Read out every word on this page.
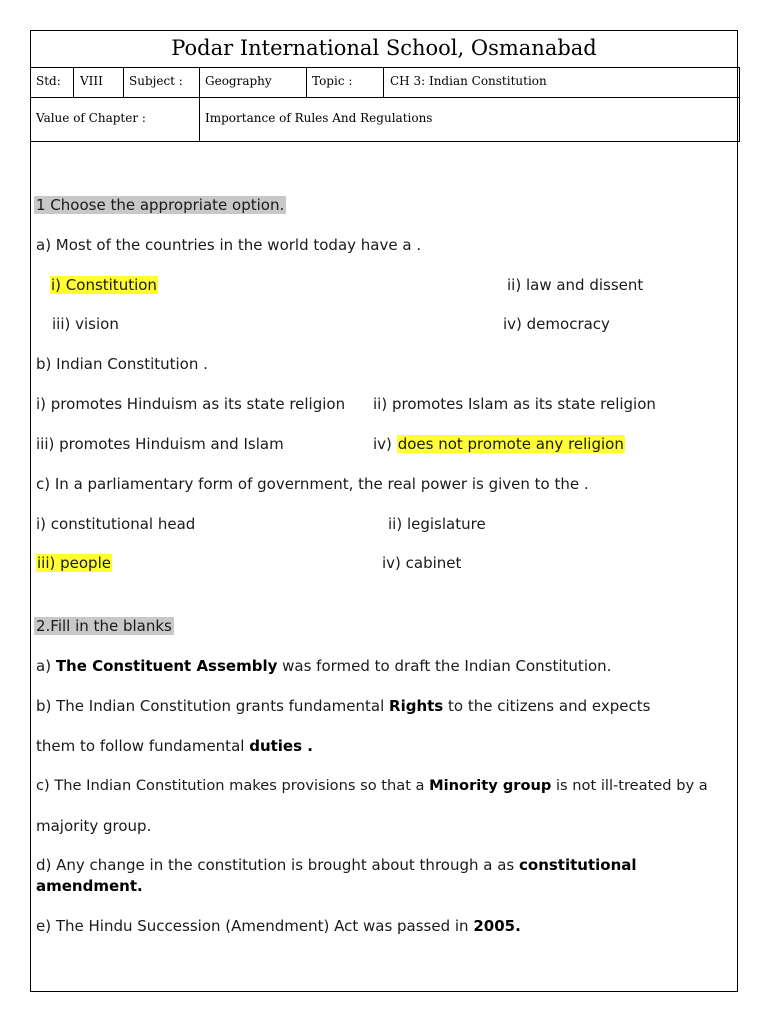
Podar International School, Osmanabad
Std: VIII Subject : Geography	Topic :	CH 3: Indian Constitution
Value of Chapter :	Importance of Rules And Regulations
1 Choose the appropriate option.
a) Most of the countries in the world today have a .
i) Constitution	ii) law and dissent
iii) vision	iv) democracy
b) Indian Constitution .
i) promotes Hinduism as its state religion ii) promotes Islam as its state religion
iii) promotes Hinduism and Islam	iv) does not promote any religion
c) In a parliamentary form of government, the real power is given to the .
i) constitutional head	ii) legislature
iii) people	iv) cabinet
2.Fill in the blanks
a) The Constituent Assembly was formed to draft the Indian Constitution.
b) The Indian Constitution grants fundamental Rights to the citizens and expects
them to follow fundamental duties .
c) The Indian Constitution makes provisions so that a Minority group is not ill-treated by a
majority group.
d) Any change in the constitution is brought about through a as constitutional
amendment.
e) The Hindu Succession (Amendment) Act was passed in 2005.
